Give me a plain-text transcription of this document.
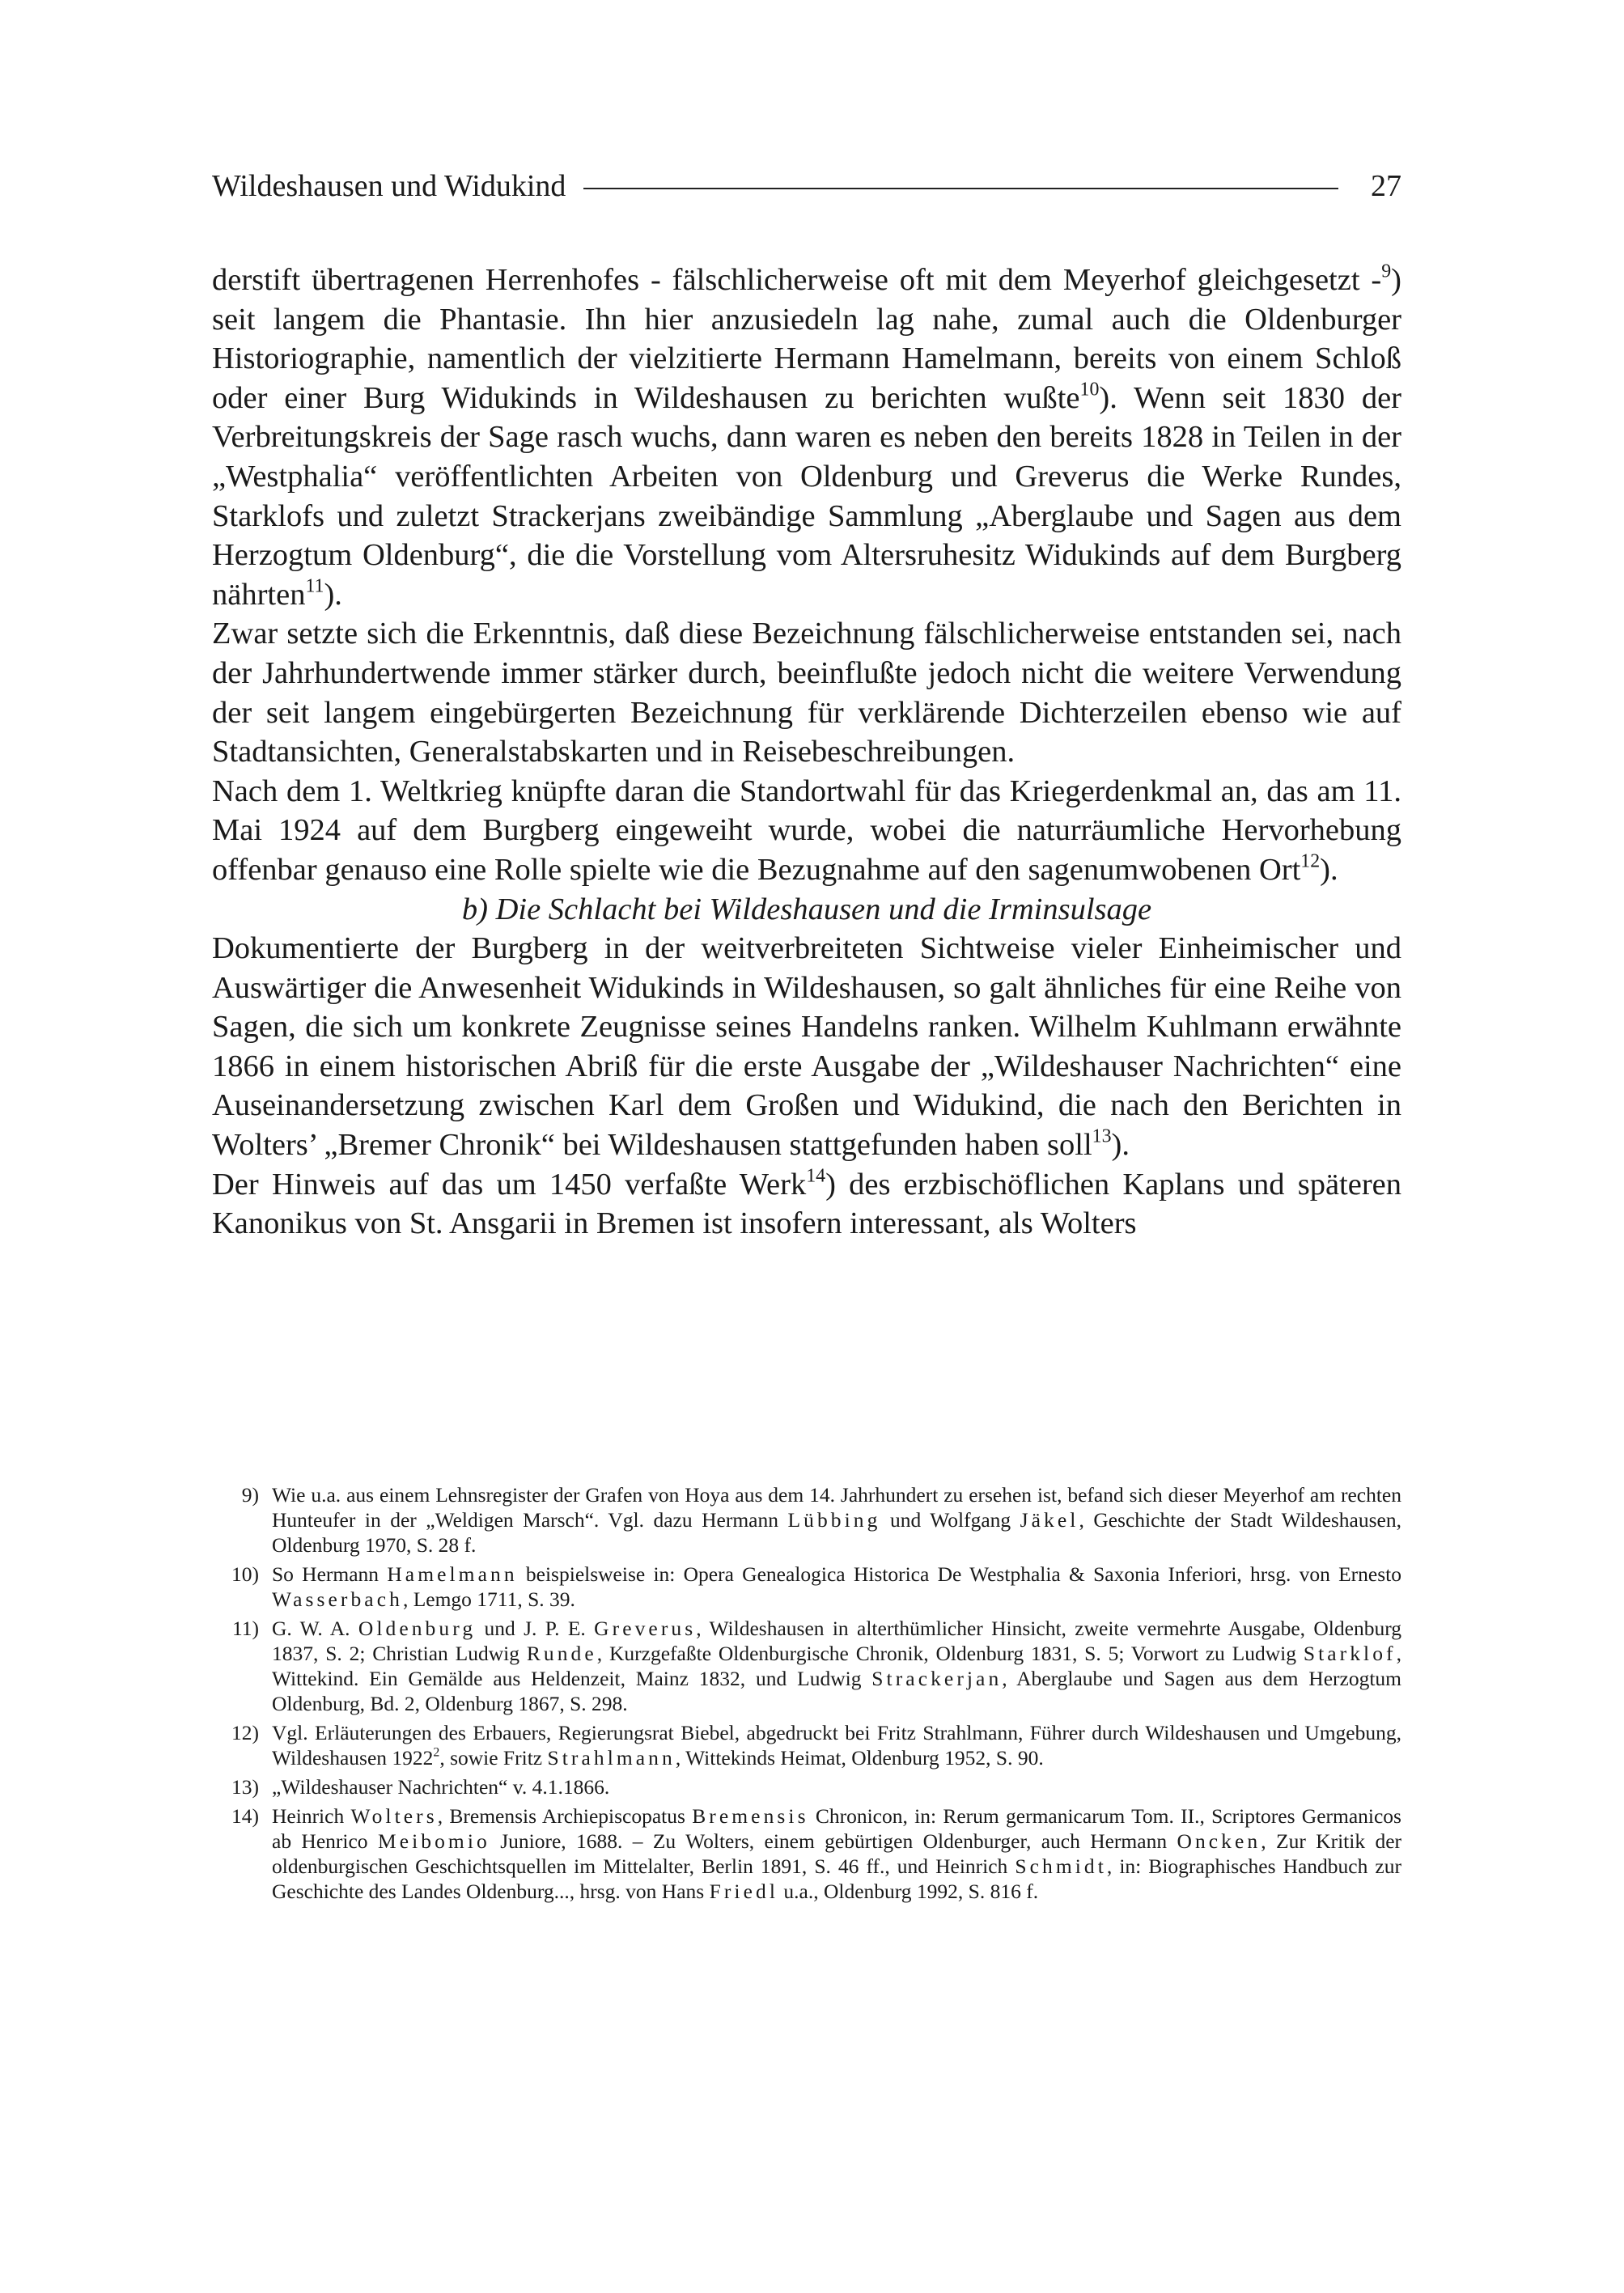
Wildeshausen und Widukind	27

derstift übertragenen Herrenhofes - fälschlicherweise oft mit dem Meyerhof gleichgesetzt -$^9$) seit langem die Phantasie. Ihn hier anzusiedeln lag nahe, zumal auch die Oldenburger Historiographie, namentlich der vielzitierte Hermann Hamelmann, bereits von einem Schloß oder einer Burg Widukinds in Wildeshausen zu berichten wußte$^{10}$). Wenn seit 1830 der Verbreitungskreis der Sage rasch wuchs, dann waren es neben den bereits 1828 in Teilen in der „Westphalia“ veröffentlichten Arbeiten von Oldenburg und Greverus die Werke Rundes, Starklofs und zuletzt Strackerjans zweibändige Sammlung „Aberglaube und Sagen aus dem Herzogtum Oldenburg“, die die Vorstellung vom Altersruhesitz Widukinds auf dem Burgberg nährten$^{11}$).

Zwar setzte sich die Erkenntnis, daß diese Bezeichnung fälschlicherweise entstanden sei, nach der Jahrhundertwende immer stärker durch, beeinflußte jedoch nicht die weitere Verwendung der seit langem eingebürgerten Bezeichnung für verklärende Dichterzeilen ebenso wie auf Stadtansichten, Generalstabskarten und in Reisebeschreibungen.

Nach dem 1. Weltkrieg knüpfte daran die Standortwahl für das Kriegerdenkmal an, das am 11. Mai 1924 auf dem Burgberg eingeweiht wurde, wobei die naturräumliche Hervorhebung offenbar genauso eine Rolle spielte wie die Bezugnahme auf den sagenumwobenen Ort$^{12}$).

b) Die Schlacht bei Wildeshausen und die Irminsulsage

Dokumentierte der Burgberg in der weitverbreiteten Sichtweise vieler Einheimischer und Auswärtiger die Anwesenheit Widukinds in Wildeshausen, so galt ähnliches für eine Reihe von Sagen, die sich um konkrete Zeugnisse seines Handelns ranken. Wilhelm Kuhlmann erwähnte 1866 in einem historischen Abriß für die erste Ausgabe der „Wildeshauser Nachrichten“ eine Auseinandersetzung zwischen Karl dem Großen und Widukind, die nach den Berichten in Wolters’ „Bremer Chronik“ bei Wildeshausen stattgefunden haben soll$^{13}$).

Der Hinweis auf das um 1450 verfaßte Werk$^{14}$) des erzbischöflichen Kaplans und späteren Kanonikus von St. Ansgarii in Bremen ist insofern interessant, als Wolters

9) Wie u.a. aus einem Lehnsregister der Grafen von Hoya aus dem 14. Jahrhundert zu ersehen ist, befand sich dieser Meyerhof am rechten Hunteufer in der „Weldigen Marsch“. Vgl. dazu Hermann Lübbing und Wolfgang Jäkel, Geschichte der Stadt Wildeshausen, Oldenburg 1970, S. 28 f.
10) So Hermann Hamelmann beispielsweise in: Opera Genealogica Historica De Westphalia & Saxonia Inferiori, hrsg. von Ernesto Wasserbach, Lemgo 1711, S. 39.
11) G. W. A. Oldenburg und J. P. E. Greverus, Wildeshausen in alterthümlicher Hinsicht, zweite vermehrte Ausgabe, Oldenburg 1837, S. 2; Christian Ludwig Runde, Kurzgefaßte Oldenburgische Chronik, Oldenburg 1831, S. 5; Vorwort zu Ludwig Starklof, Wittekind. Ein Gemälde aus Heldenzeit, Mainz 1832, und Ludwig Strackerjan, Aberglaube und Sagen aus dem Herzogtum Oldenburg, Bd. 2, Oldenburg 1867, S. 298.
12) Vgl. Erläuterungen des Erbauers, Regierungsrat Biebel, abgedruckt bei Fritz Strahlmann, Führer durch Wildeshausen und Umgebung, Wildeshausen 1922$^2$, sowie Fritz Strahlmann, Wittekinds Heimat, Oldenburg 1952, S. 90.
13) „Wildeshauser Nachrichten“ v. 4.1.1866.
14) Heinrich Wolters, Bremensis Archiepiscopatus Bremensis Chronicon, in: Rerum germanicarum Tom. II., Scriptores Germanicos ab Henrico Meibomio Juniore, 1688. – Zu Wolters, einem gebürtigen Oldenburger, auch Hermann Oncken, Zur Kritik der oldenburgischen Geschichtsquellen im Mittelalter, Berlin 1891, S. 46 ff., und Heinrich Schmidt, in: Biographisches Handbuch zur Geschichte des Landes Oldenburg..., hrsg. von Hans Friedl u.a., Oldenburg 1992, S. 816 f.
